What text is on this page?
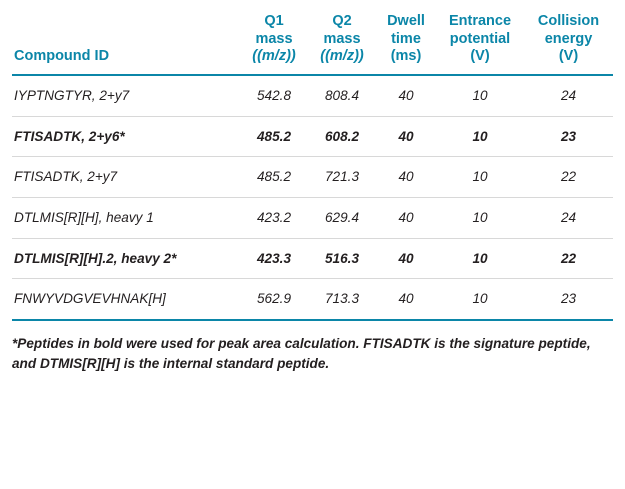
Compound ID	Q1
mass
((m/z))	Q2
mass
((m/z))	Dwell
time
(ms)	Entrance
potential
(V)	Collision
energy
(V)
IYPTNGTYR, 2+y7	542.8	808.4	40	10	24
FTISADTK, 2+y6*	485.2	608.2	40	10	23
FTISADTK, 2+y7	485.2	721.3	40	10	22
DTLMIS[R][H], heavy 1	423.2	629.4	40	10	24
DTLMIS[R][H].2, heavy 2*	423.3	516.3	40	10	22
FNWYVDGVEVHNAK[H]	562.9	713.3	40	10	23
*Peptides in bold were used for peak area calculation. FTISADTK is the signature peptide, and DTMIS[R][H] is the internal standard peptide.
